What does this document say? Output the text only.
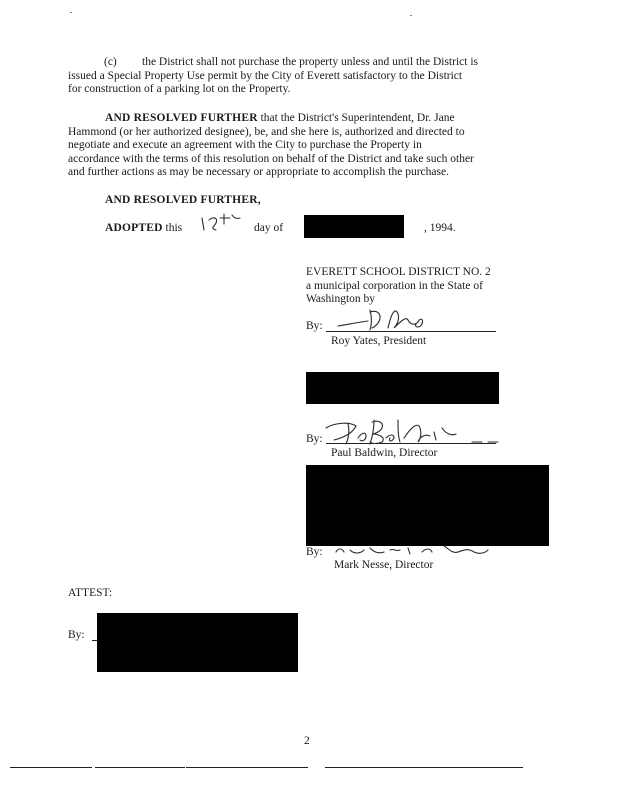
(c) the District shall not purchase the property unless and until the District is
issued a Special Property Use permit by the City of Everett satisfactory to the District
for construction of a parking lot on the Property.
AND RESOLVED FURTHER that the District's Superintendent, Dr. Jane
Hammond (or her authorized designee), be, and she here is, authorized and directed to
negotiate and execute an agreement with the City to purchase the Property in
accordance with the terms of this resolution on behalf of the District and take such other
and further actions as may be necessary or appropriate to accomplish the purchase.
AND RESOLVED FURTHER,
ADOPTED this	day of	, 1994.
EVERETT SCHOOL DISTRICT NO. 2
a municipal corporation in the State of
Washington by
By:
Roy Yates, President
By:
Paul Baldwin, Director
By:
Mark Nesse, Director
ATTEST:
By:
2
